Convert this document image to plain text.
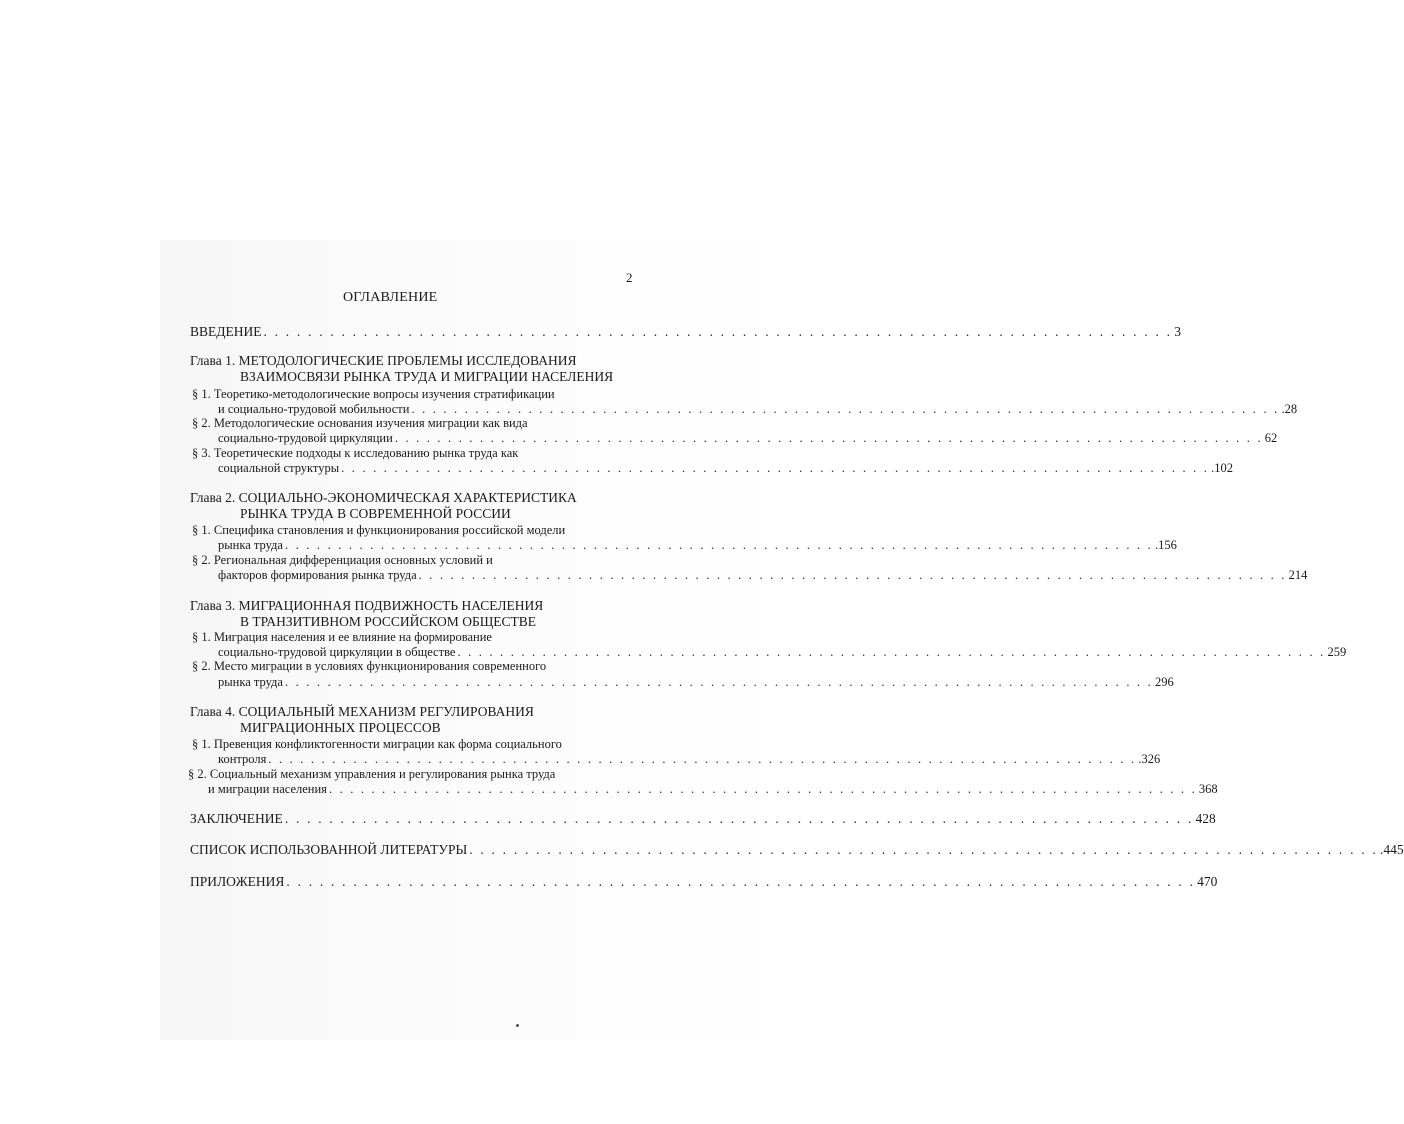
2
ОГЛАВЛЕНИЕ
ВВЕДЕНИЕ . . . . . . . . . . . . . . . . . . . . . . . . . . . . . . . . . . . . . . . . . . . . . . . . . . . . . . . . . . . . . . . . . . . . . . . . . . . . . . . . . . 3
Глава 1. МЕТОДОЛОГИЧЕСКИЕ ПРОБЛЕМЫ ИССЛЕДОВАНИЯ
ВЗАИМОСВЯЗИ РЫНКА ТРУДА И МИГРАЦИИ НАСЕЛЕНИЯ
§ 1. Теоретико-методологические вопросы изучения стратификации
и социально-трудовой мобильности . . . . . . . . . . . . . . . . . . . . . . . . . . . . . . . . . . . . . . . . . . . . . . . . . . . . . . . . . . . . . . . . . . . . . . . . . . . . . . . . . . .28
§ 2. Методологические основания изучения миграции как вида
социально-трудовой циркуляции . . . . . . . . . . . . . . . . . . . . . . . . . . . . . . . . . . . . . . . . . . . . . . . . . . . . . . . . . . . . . . . . . . . . . . . . . . . . . . . . . . 62
§ 3. Теоретические подходы к исследованию рынка труда как
социальной структуры . . . . . . . . . . . . . . . . . . . . . . . . . . . . . . . . . . . . . . . . . . . . . . . . . . . . . . . . . . . . . . . . . . . . . . . . . . . . . . . . . . .102
Глава 2. СОЦИАЛЬНО-ЭКОНОМИЧЕСКАЯ ХАРАКТЕРИСТИКА
РЫНКА ТРУДА В СОВРЕМЕННОЙ РОССИИ
§ 1. Специфика становления и функционирования российской модели
рынка труда . . . . . . . . . . . . . . . . . . . . . . . . . . . . . . . . . . . . . . . . . . . . . . . . . . . . . . . . . . . . . . . . . . . . . . . . . . . . . . . . . . .156
§ 2. Региональная дифференциация основных условий и
факторов формирования рынка труда . . . . . . . . . . . . . . . . . . . . . . . . . . . . . . . . . . . . . . . . . . . . . . . . . . . . . . . . . . . . . . . . . . . . . . . . . . . . . . . . . . 214
Глава 3. МИГРАЦИОННАЯ ПОДВИЖНОСТЬ НАСЕЛЕНИЯ
В ТРАНЗИТИВНОМ РОССИЙСКОМ ОБЩЕСТВЕ
§ 1. Миграция населения и ее влияние на формирование
социально-трудовой циркуляции в обществе . . . . . . . . . . . . . . . . . . . . . . . . . . . . . . . . . . . . . . . . . . . . . . . . . . . . . . . . . . . . . . . . . . . . . . . . . . . . . . . . . . 259
§ 2. Место миграции в условиях функционирования современного
рынка труда . . . . . . . . . . . . . . . . . . . . . . . . . . . . . . . . . . . . . . . . . . . . . . . . . . . . . . . . . . . . . . . . . . . . . . . . . . . . . . . . . . 296
Глава 4. СОЦИАЛЬНЫЙ МЕХАНИЗМ РЕГУЛИРОВАНИЯ
МИГРАЦИОННЫХ ПРОЦЕССОВ
§ 1. Превенция конфликтогенности миграции как форма социального
контроля . . . . . . . . . . . . . . . . . . . . . . . . . . . . . . . . . . . . . . . . . . . . . . . . . . . . . . . . . . . . . . . . . . . . . . . . . . . . . . . . . . .326
§ 2. Социальный механизм управления и регулирования рынка труда
и миграции населения . . . . . . . . . . . . . . . . . . . . . . . . . . . . . . . . . . . . . . . . . . . . . . . . . . . . . . . . . . . . . . . . . . . . . . . . . . . . . . . . . . 368
ЗАКЛЮЧЕНИЕ . . . . . . . . . . . . . . . . . . . . . . . . . . . . . . . . . . . . . . . . . . . . . . . . . . . . . . . . . . . . . . . . . . . . . . . . . . . . . . . . . . 428
СПИСОК ИСПОЛЬЗОВАННОЙ ЛИТЕРАТУРЫ . . . . . . . . . . . . . . . . . . . . . . . . . . . . . . . . . . . . . . . . . . . . . . . . . . . . . . . . . . . . . . . . . . . . . . . . . . . . . . . . . . .445
ПРИЛОЖЕНИЯ . . . . . . . . . . . . . . . . . . . . . . . . . . . . . . . . . . . . . . . . . . . . . . . . . . . . . . . . . . . . . . . . . . . . . . . . . . . . . . . . . . 470
